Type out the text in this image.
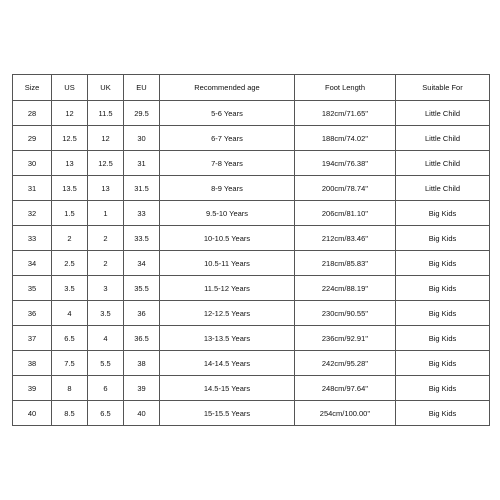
Size	US	UK	EU	Recommended age	Foot Length	Suitable For
28	12	11.5	29.5	5-6 Years	182cm/71.65''	Little Child
29	12.5	12	30	6-7 Years	188cm/74.02''	Little Child
30	13	12.5	31	7-8 Years	194cm/76.38''	Little Child
31	13.5	13	31.5	8-9 Years	200cm/78.74''	Little Child
32	1.5	1	33	9.5-10 Years	206cm/81.10''	Big Kids
33	2	2	33.5	10-10.5 Years	212cm/83.46''	Big Kids
34	2.5	2	34	10.5-11 Years	218cm/85.83''	Big Kids
35	3.5	3	35.5	11.5-12 Years	224cm/88.19''	Big Kids
36	4	3.5	36	12-12.5 Years	230cm/90.55''	Big Kids
37	6.5	4	36.5	13-13.5 Years	236cm/92.91''	Big Kids
38	7.5	5.5	38	14-14.5 Years	242cm/95.28''	Big Kids
39	8	6	39	14.5-15 Years	248cm/97.64''	Big Kids
40	8.5	6.5	40	15-15.5 Years	254cm/100.00''	Big Kids
